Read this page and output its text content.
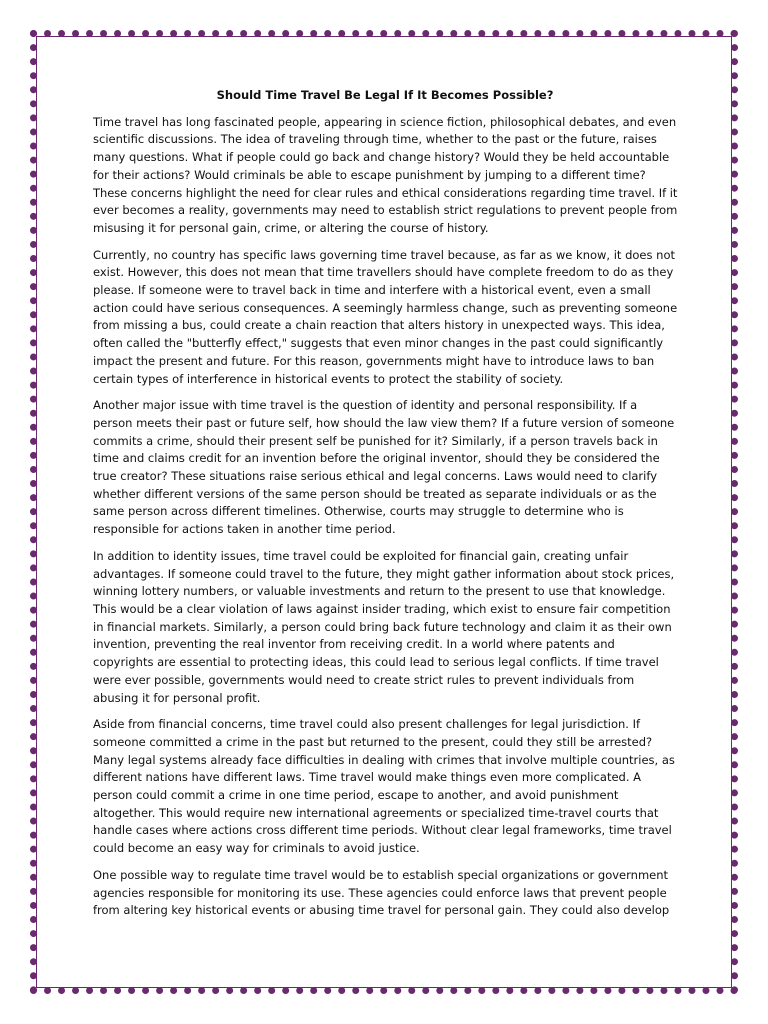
Should Time Travel Be Legal If It Becomes Possible?
Time travel has long fascinated people, appearing in science fiction, philosophical debates, and even
scientific discussions. The idea of traveling through time, whether to the past or the future, raises
many questions. What if people could go back and change history? Would they be held accountable
for their actions? Would criminals be able to escape punishment by jumping to a different time?
These concerns highlight the need for clear rules and ethical considerations regarding time travel. If it
ever becomes a reality, governments may need to establish strict regulations to prevent people from
misusing it for personal gain, crime, or altering the course of history.
Currently, no country has specific laws governing time travel because, as far as we know, it does not
exist. However, this does not mean that time travellers should have complete freedom to do as they
please. If someone were to travel back in time and interfere with a historical event, even a small
action could have serious consequences. A seemingly harmless change, such as preventing someone
from missing a bus, could create a chain reaction that alters history in unexpected ways. This idea,
often called the "butterfly effect," suggests that even minor changes in the past could significantly
impact the present and future. For this reason, governments might have to introduce laws to ban
certain types of interference in historical events to protect the stability of society.
Another major issue with time travel is the question of identity and personal responsibility. If a
person meets their past or future self, how should the law view them? If a future version of someone
commits a crime, should their present self be punished for it? Similarly, if a person travels back in
time and claims credit for an invention before the original inventor, should they be considered the
true creator? These situations raise serious ethical and legal concerns. Laws would need to clarify
whether different versions of the same person should be treated as separate individuals or as the
same person across different timelines. Otherwise, courts may struggle to determine who is
responsible for actions taken in another time period.
In addition to identity issues, time travel could be exploited for financial gain, creating unfair
advantages. If someone could travel to the future, they might gather information about stock prices,
winning lottery numbers, or valuable investments and return to the present to use that knowledge.
This would be a clear violation of laws against insider trading, which exist to ensure fair competition
in financial markets. Similarly, a person could bring back future technology and claim it as their own
invention, preventing the real inventor from receiving credit. In a world where patents and
copyrights are essential to protecting ideas, this could lead to serious legal conflicts. If time travel
were ever possible, governments would need to create strict rules to prevent individuals from
abusing it for personal profit.
Aside from financial concerns, time travel could also present challenges for legal jurisdiction. If
someone committed a crime in the past but returned to the present, could they still be arrested?
Many legal systems already face difficulties in dealing with crimes that involve multiple countries, as
different nations have different laws. Time travel would make things even more complicated. A
person could commit a crime in one time period, escape to another, and avoid punishment
altogether. This would require new international agreements or specialized time-travel courts that
handle cases where actions cross different time periods. Without clear legal frameworks, time travel
could become an easy way for criminals to avoid justice.
One possible way to regulate time travel would be to establish special organizations or government
agencies responsible for monitoring its use. These agencies could enforce laws that prevent people
from altering key historical events or abusing time travel for personal gain. They could also develop
